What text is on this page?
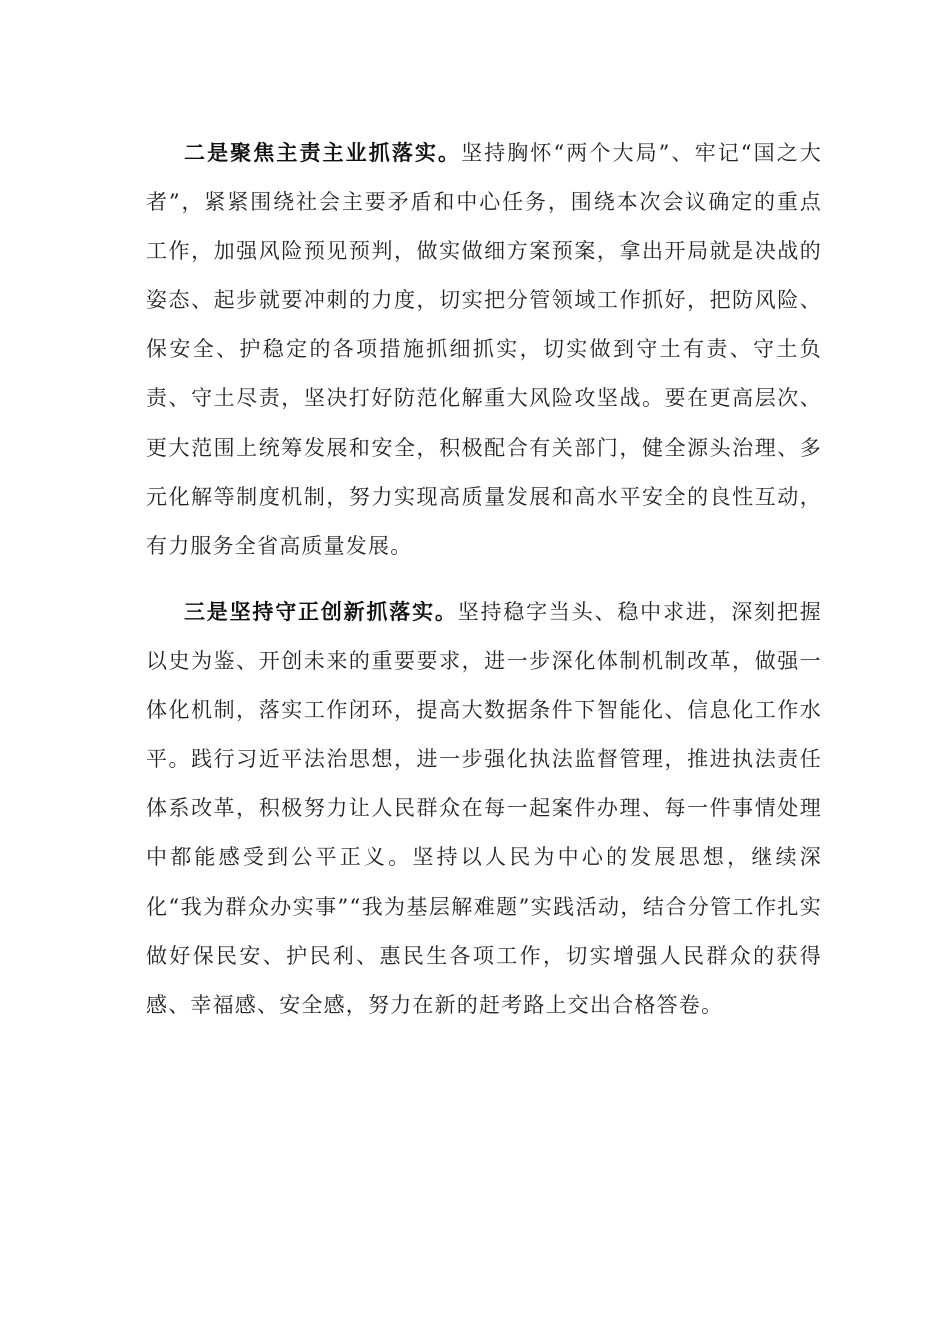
二是聚焦主责主业抓落实。坚持胸怀“两个大局”、牢记“国之大者”，紧紧围绕社会主要矛盾和中心任务，围绕本次会议确定的重点工作，加强风险预见预判，做实做细方案预案，拿出开局就是决战的姿态、起步就要冲刺的力度，切实把分管领域工作抓好，把防风险、保安全、护稳定的各项措施抓细抓实，切实做到守土有责、守土负责、守土尽责，坚决打好防范化解重大风险攻坚战。要在更高层次、更大范围上统筹发展和安全，积极配合有关部门，健全源头治理、多元化解等制度机制，努力实现高质量发展和高水平安全的良性互动，有力服务全省高质量发展。

三是坚持守正创新抓落实。坚持稳字当头、稳中求进，深刻把握以史为鉴、开创未来的重要要求，进一步深化体制机制改革，做强一体化机制，落实工作闭环，提高大数据条件下智能化、信息化工作水平。践行习近平法治思想，进一步强化执法监督管理，推进执法责任体系改革，积极努力让人民群众在每一起案件办理、每一件事情处理中都能感受到公平正义。坚持以人民为中心的发展思想，继续深化“我为群众办实事”“我为基层解难题”实践活动，结合分管工作扎实做好保民安、护民利、惠民生各项工作，切实增强人民群众的获得感、幸福感、安全感，努力在新的赶考路上交出合格答卷。
